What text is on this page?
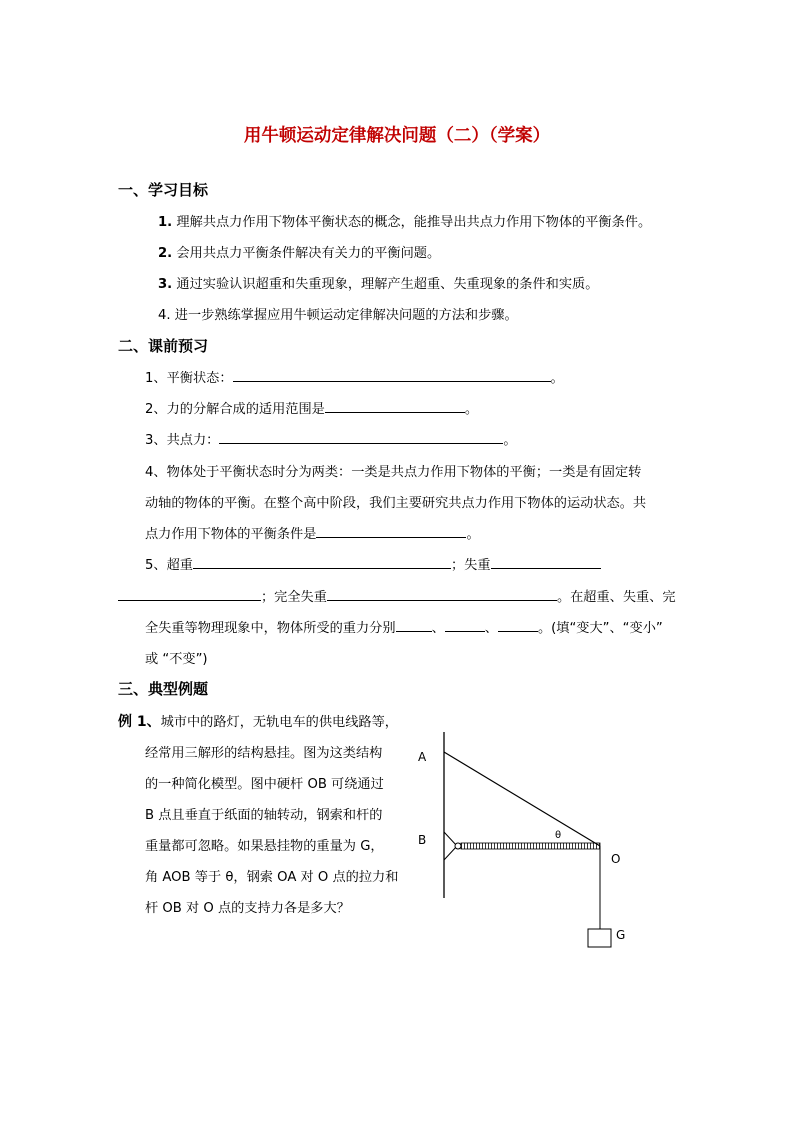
用牛顿运动定律解决问题（二）（学案）
一、学习目标
1. 理解共点力作用下物体平衡状态的概念，能推导出共点力作用下物体的平衡条件。
2. 会用共点力平衡条件解决有关力的平衡问题。
3. 通过实验认识超重和失重现象，理解产生超重、失重现象的条件和实质。
4. 进一步熟练掌握应用牛顿运动定律解决问题的方法和步骤。
二、课前预习
1、平衡状态：	。
2、力的分解合成的适用范围是	。
3、共点力：	。
4、物体处于平衡状态时分为两类：一类是共点力作用下物体的平衡；一类是有固定转
动轴的物体的平衡。在整个高中阶段，我们主要研究共点力作用下物体的运动状态。共
点力作用下物体的平衡条件是	。
5、超重	；失重
；完全失重	。在超重、失重、完
全失重等物理现象中，物体所受的重力分别	、	、	。(填“变大”、“变小”
或 “不变”)
三、典型例题
例 1、城市中的路灯，无轨电车的供电线路等，
经常用三解形的结构悬挂。图为这类结构
的一种简化模型。图中硬杆 OB 可绕通过
B 点且垂直于纸面的轴转动，钢索和杆的
重量都可忽略。如果悬挂物的重量为 G，
角 AOB 等于 θ，钢索 OA 对 O 点的拉力和
杆 OB 对 O 点的支持力各是多大？
A
B
O
G
θ
